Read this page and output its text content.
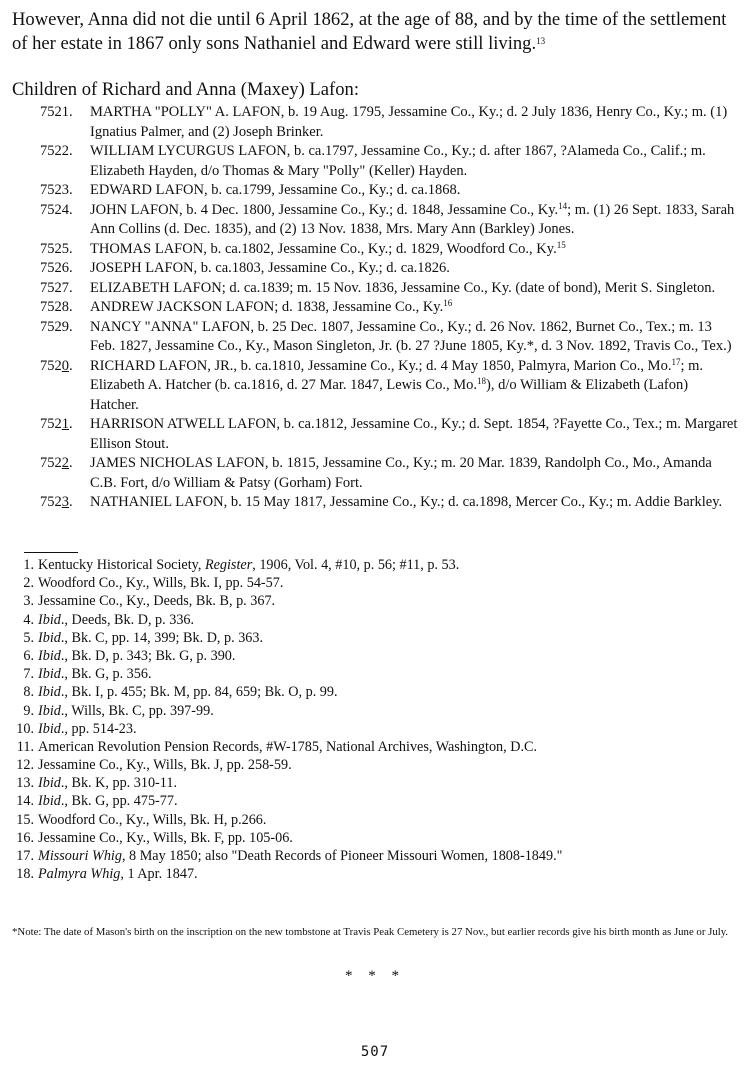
However, Anna did not die until 6 April 1862, at the age of 88, and by the time of the settlement of her estate in 1867 only sons Nathaniel and Edward were still living.$^{13}$

Children of Richard and Anna (Maxey) Lafon:

7521.	MARTHA "POLLY" A. LAFON, b. 19 Aug. 1795, Jessamine Co., Ky.; d. 2 July 1836, Henry Co., Ky.; m. (1) Ignatius Palmer, and (2) Joseph Brinker.
7522.	WILLIAM LYCURGUS LAFON, b. ca.1797, Jessamine Co., Ky.; d. after 1867, ?Alameda Co., Calif.; m. Elizabeth Hayden, d/o Thomas & Mary "Polly" (Keller) Hayden.
7523.	EDWARD LAFON, b. ca.1799, Jessamine Co., Ky.; d. ca.1868.
7524.	JOHN LAFON, b. 4 Dec. 1800, Jessamine Co., Ky.; d. 1848, Jessamine Co., Ky.$^{14}$; m. (1) 26 Sept. 1833, Sarah Ann Collins (d. Dec. 1835), and (2) 13 Nov. 1838, Mrs. Mary Ann (Barkley) Jones.
7525.	THOMAS LAFON, b. ca.1802, Jessamine Co., Ky.; d. 1829, Woodford Co., Ky.$^{15}$
7526.	JOSEPH LAFON, b. ca.1803, Jessamine Co., Ky.; d. ca.1826.
7527.	ELIZABETH LAFON; d. ca.1839; m. 15 Nov. 1836, Jessamine Co., Ky. (date of bond), Merit S. Singleton.
7528.	ANDREW JACKSON LAFON; d. 1838, Jessamine Co., Ky.$^{16}$
7529.	NANCY "ANNA" LAFON, b. 25 Dec. 1807, Jessamine Co., Ky.; d. 26 Nov. 1862, Burnet Co., Tex.; m. 13 Feb. 1827, Jessamine Co., Ky., Mason Singleton, Jr. (b. 27 ?June 1805, Ky.*, d. 3 Nov. 1892, Travis Co., Tex.)
7520.	RICHARD LAFON, JR., b. ca.1810, Jessamine Co., Ky.; d. 4 May 1850, Palmyra, Marion Co., Mo.$^{17}$; m. Elizabeth A. Hatcher (b. ca.1816, d. 27 Mar. 1847, Lewis Co., Mo.$^{18}$), d/o William & Elizabeth (Lafon) Hatcher.
7521.	HARRISON ATWELL LAFON, b. ca.1812, Jessamine Co., Ky.; d. Sept. 1854, ?Fayette Co., Tex.; m. Margaret Ellison Stout.
7522.	JAMES NICHOLAS LAFON, b. 1815, Jessamine Co., Ky.; m. 20 Mar. 1839, Randolph Co., Mo., Amanda C.B. Fort, d/o William & Patsy (Gorham) Fort.
7523.	NATHANIEL LAFON, b. 15 May 1817, Jessamine Co., Ky.; d. ca.1898, Mercer Co., Ky.; m. Addie Barkley.
1. Kentucky Historical Society, Register, 1906, Vol. 4, #10, p. 56; #11, p. 53.
2. Woodford Co., Ky., Wills, Bk. I, pp. 54-57.
3. Jessamine Co., Ky., Deeds, Bk. B, p. 367.
4. Ibid., Deeds, Bk. D, p. 336.
5. Ibid., Bk. C, pp. 14, 399; Bk. D, p. 363.
6. Ibid., Bk. D, p. 343; Bk. G, p. 390.
7. Ibid., Bk. G, p. 356.
8. Ibid., Bk. I, p. 455; Bk. M, pp. 84, 659; Bk. O, p. 99.
9. Ibid., Wills, Bk. C, pp. 397-99.
10. Ibid., pp. 514-23.
11. American Revolution Pension Records, #W-1785, National Archives, Washington, D.C.
12. Jessamine Co., Ky., Wills, Bk. J, pp. 258-59.
13. Ibid., Bk. K, pp. 310-11.
14. Ibid., Bk. G, pp. 475-77.
15. Woodford Co., Ky., Wills, Bk. H, p.266.
16. Jessamine Co., Ky., Wills, Bk. F, pp. 105-06.
17. Missouri Whig, 8 May 1850; also "Death Records of Pioneer Missouri Women, 1808-1849."
18. Palmyra Whig, 1 Apr. 1847.

*Note: The date of Mason's birth on the inscription on the new tombstone at Travis Peak Cemetery is 27 Nov., but earlier records give his birth month as June or July.

* * *
507
